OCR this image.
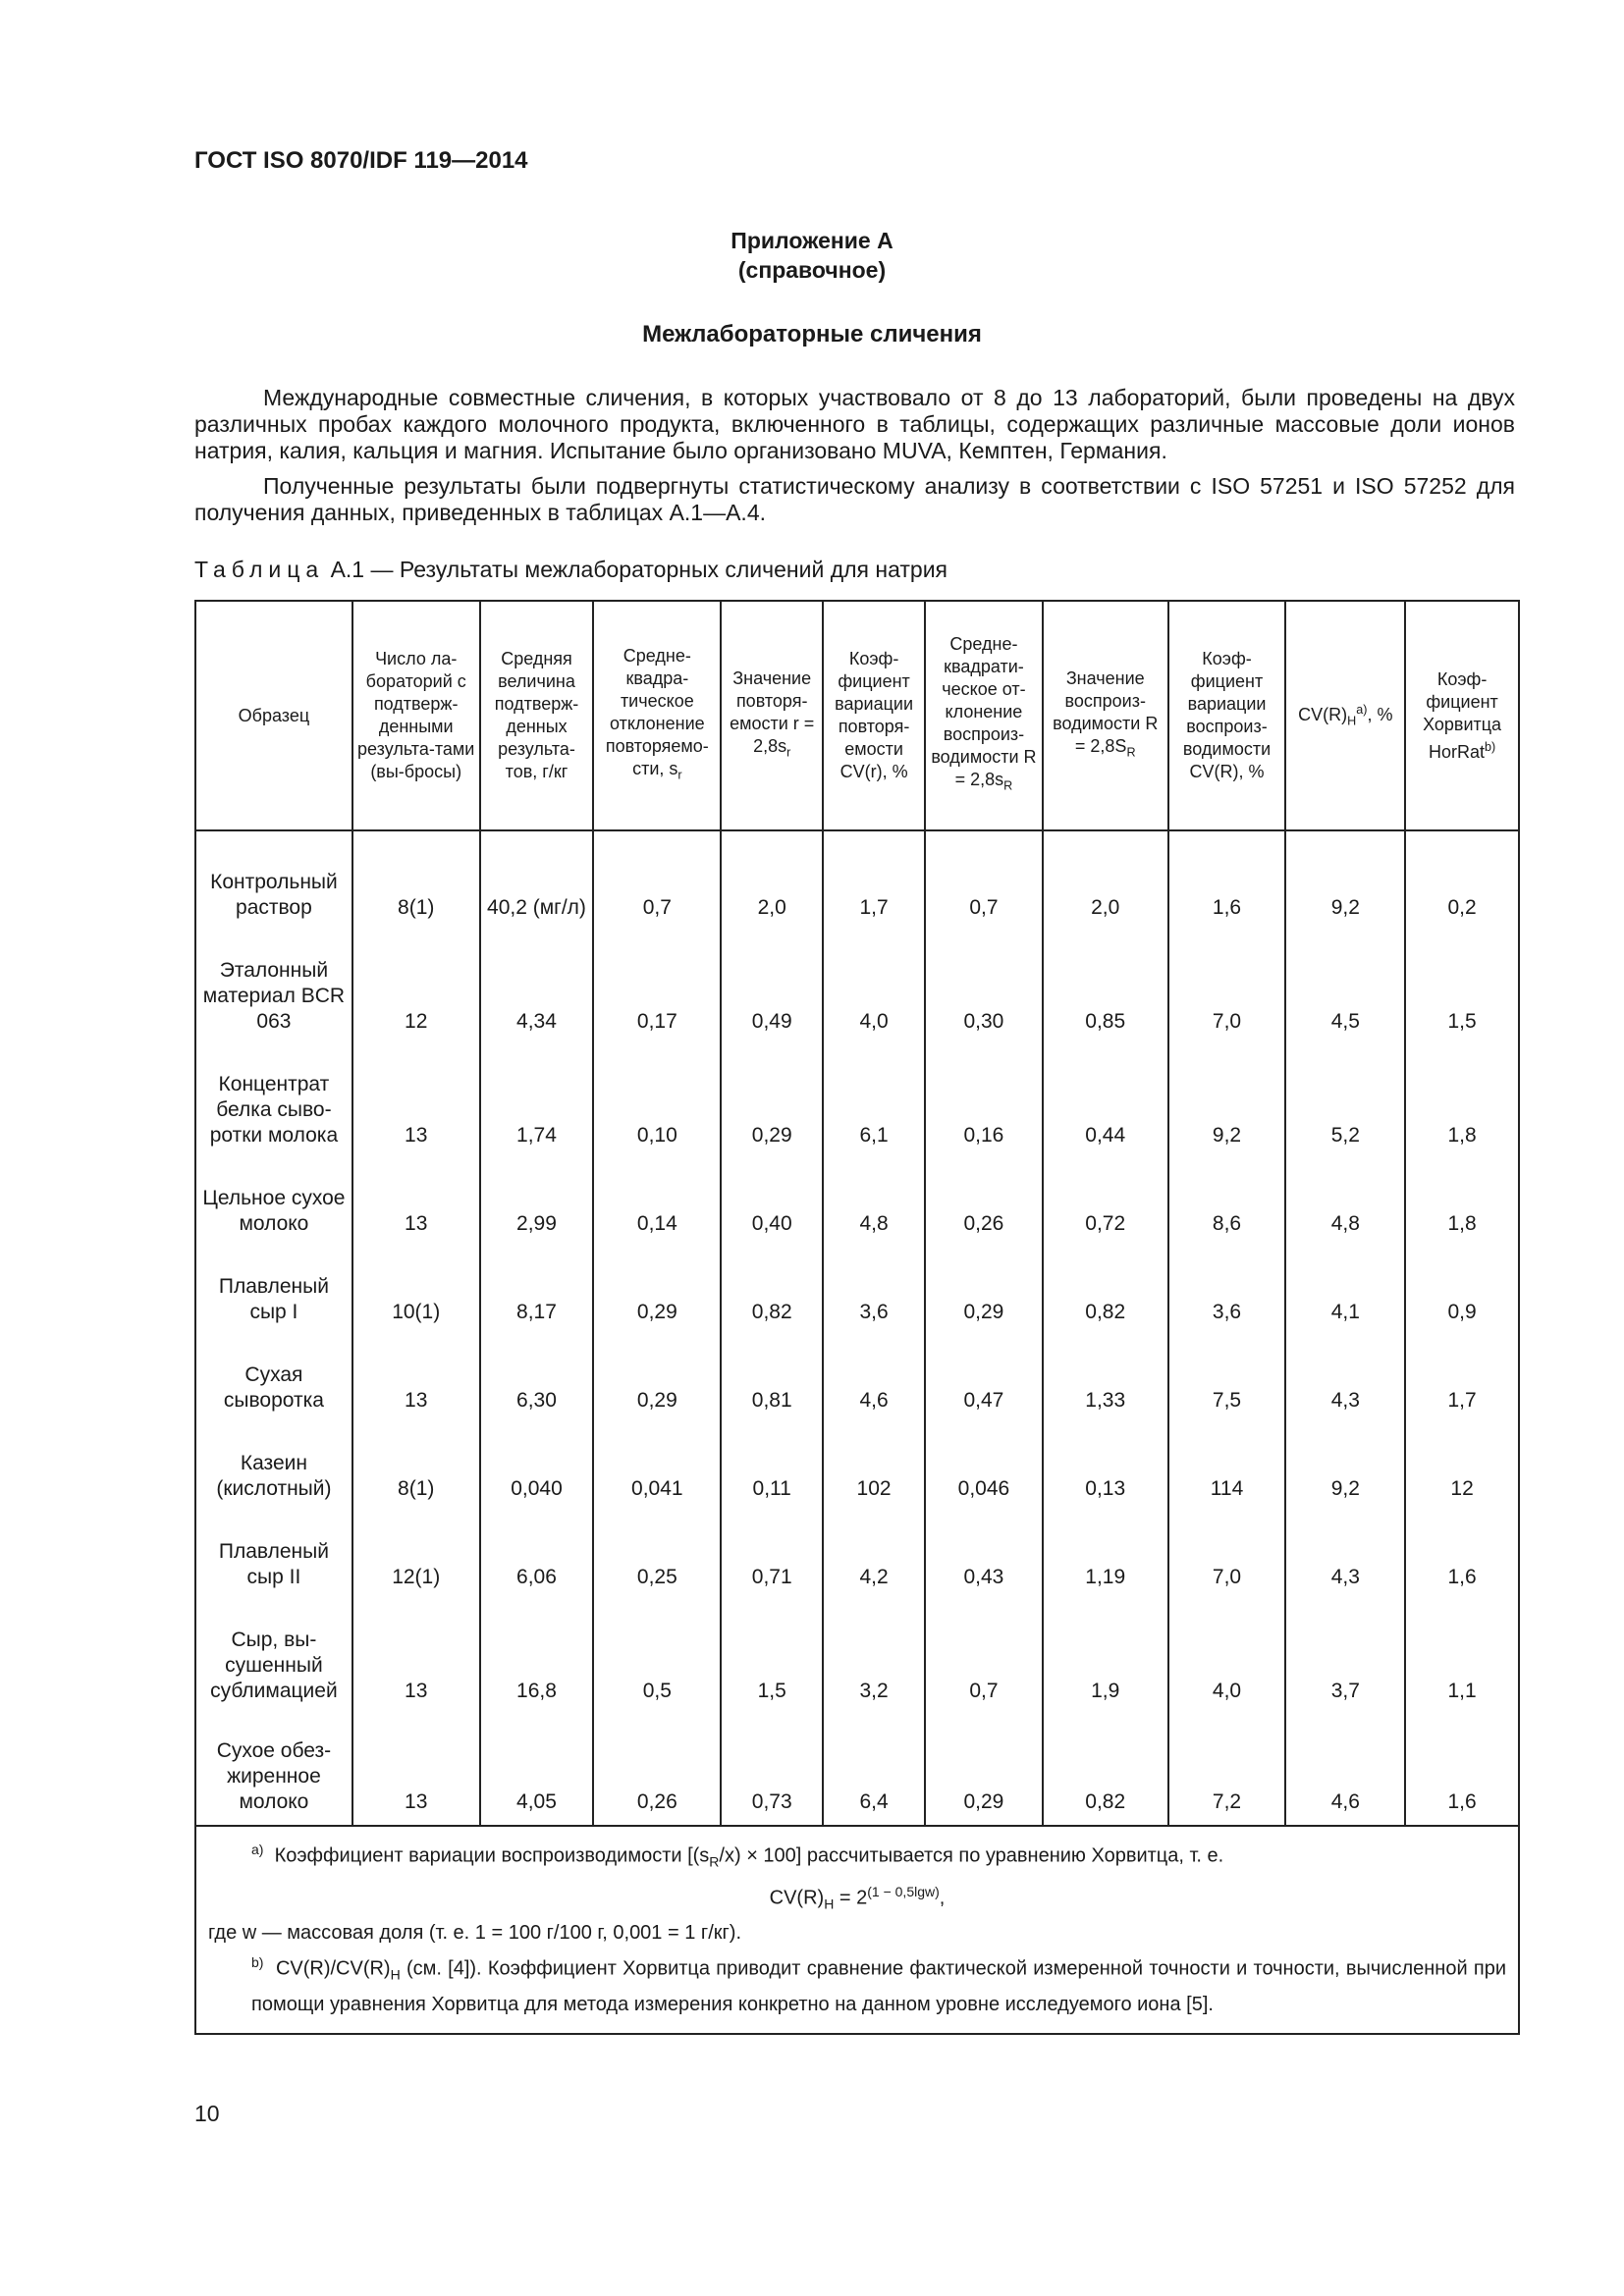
ГОСТ ISO 8070/IDF 119—2014
Приложение А
(справочное)
Межлабораторные сличения

Международные совместные сличения, в которых участвовало от 8 до 13 лабораторий, были проведены на двух различных пробах каждого молочного продукта, включенного в таблицы, содержащих различные массовые доли ионов натрия, калия, кальция и магния. Испытание было организовано MUVA, Кемптен, Германия.

Полученные результаты были подвергнуты статистическому анализу в соответствии с ISO 57251 и ISO 57252 для получения данных, приведенных в таблицах А.1—А.4.

Таблица А.1 — Результаты межлабораторных сличений для натрия
Образец	Число ла-бораторий с подтверж-денными результа-тами (вы-бросы)	Средняя величина подтверж-денных результа-тов, г/кг	Средне-квадра-тическое отклонение повторяемо-сти, $s_r$	Значение повторя-емости $r = 2,8s_r$	Коэф-фициент вариации повторя-емости CV(r), %	Средне-квадрати-ческое от-клонение воспроиз-водимости $R = 2,8s_R$	Значение воспроиз-водимости $R = 2,8S_R$	Коэф-фициент вариации воспроиз-водимости CV(R), %	$CV(R)_H^{a)}$, %	Коэф-фициент Хорвитца HorRat$^{b)}$
Контрольный раствор	8(1)	40,2 (мг/л)	0,7	2,0	1,7	0,7	2,0	1,6	9,2	0,2
Эталонный материал BCR 063	12	4,34	0,17	0,49	4,0	0,30	0,85	7,0	4,5	1,5
Концентрат белка сыво-ротки молока	13	1,74	0,10	0,29	6,1	0,16	0,44	9,2	5,2	1,8
Цельное сухое молоко	13	2,99	0,14	0,40	4,8	0,26	0,72	8,6	4,8	1,8
Плавленый сыр I	10(1)	8,17	0,29	0,82	3,6	0,29	0,82	3,6	4,1	0,9
Сухая сыворотка	13	6,30	0,29	0,81	4,6	0,47	1,33	7,5	4,3	1,7
Казеин (кислотный)	8(1)	0,040	0,041	0,11	102	0,046	0,13	114	9,2	12
Плавленый сыр II	12(1)	6,06	0,25	0,71	4,2	0,43	1,19	7,0	4,3	1,6
Сыр, вы-сушенный сублимацией	13	16,8	0,5	1,5	3,2	0,7	1,9	4,0	3,7	1,1
Сухое обез-жиренное молоко	13	4,05	0,26	0,73	6,4	0,29	0,82	7,2	4,6	1,6

$^{a)}$ Коэффициент вариации воспроизводимости $[(s_R/x) \times 100]$ рассчитывается по уравнению Хорвитца, т. е.
$CV(R)_H = 2^{(1 - 0,5lgw)}$,
где w — массовая доля (т. е. 1 = 100 г/100 г, 0,001 = 1 г/кг).
$^{b)}$ $CV(R)/CV(R)_H$ (см. [4]). Коэффициент Хорвитца приводит сравнение фактической измеренной точности и точности, вычисленной при помощи уравнения Хорвитца для метода измерения конкретно на данном уровне исследуемого иона [5].										
10
